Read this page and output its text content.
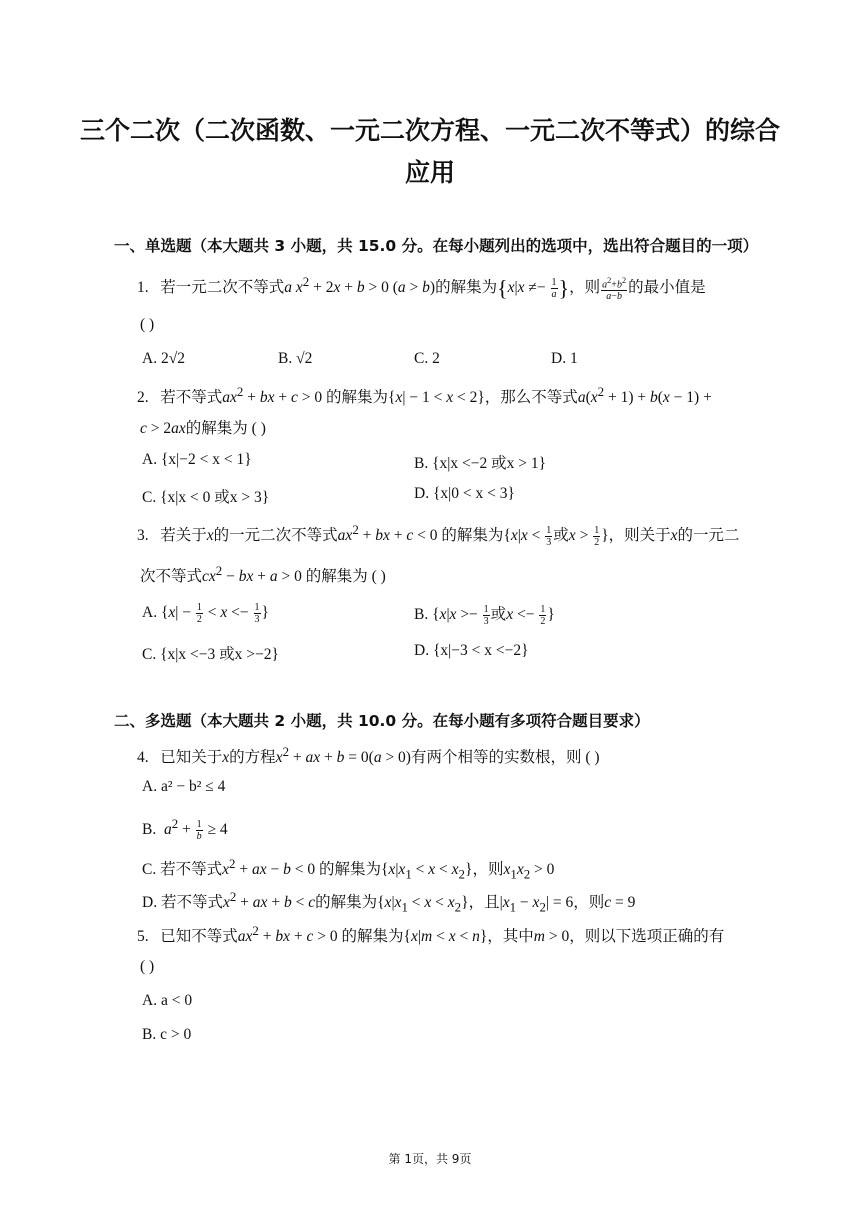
三个二次（二次函数、一元二次方程、一元二次不等式）的综合
应用
一、单选题（本大题共 3 小题，共 15.0 分。在每小题列出的选项中，选出符合题目的一项）
1. 若一元二次不等式a $x^2 + 2x + b > 0$ (a > b)的解集为{$x|x \ne- \frac{1}{a}$ }，则 $\frac{a^2+b^2}{a-b}$ 的最小值是
( )
A. 2√2	B. √2	C. 2	D. 1
2. 若不等式$ax^2$ + bx + c > 0 的解集为{x| − 1 < x < 2}，那么不等式$a(x^2 + 1) + b(x - 1)$ +
c > 2ax的解集为 ( )
A. {x|−2 < x < 1}	B. {x|x <−2 或x > 1}
C. {x|x < 0 或x > 3}	D. {x|0 < x < 3}
3. 若关于x的一元二次不等式$ax^2$ + bx + c < 0 的解集为{$x|x < \frac{1}{3}$ 或$x > \frac{1}{2}$ }，则关于x的一元二
次不等式$cx^2$ − bx + a > 0 的解集为 ( )
A. {$x| - \frac{1}{2} < x <- \frac{1}{3}$ }	B. {$x|x >- \frac{1}{3}$ 或$x <- \frac{1}{2}$ }
C. {x|x <−3 或x >−2}	D. {x|−3 < x <−2}
二、多选题（本大题共 2 小题，共 10.0 分。在每小题有多项符合题目要求）
4. 已知关于x的方程$x^2$ + ax + b = 0(a > 0)有两个相等的实数根，则 ( )
A. a² − b² ≤ 4
B. $a^2 + \frac{1}{b} \ge 4$
C. 若不等式$x^2$ + ax − b < 0 的解集为$\{x|x_1 < x < x_2\}$，则$x_1x_2 > 0$
D. 若不等式$x^2$ + ax + b < c的解集为$\{x|x_1 < x < x_2\}$，且$|x_1 - x_2| = 6$，则c = 9
5. 已知不等式$ax^2$ + bx + c > 0 的解集为{x|m < x < n}，其中m > 0，则以下选项正确的有
( )
A. a < 0
B. c > 0
第 1页，共 9页
